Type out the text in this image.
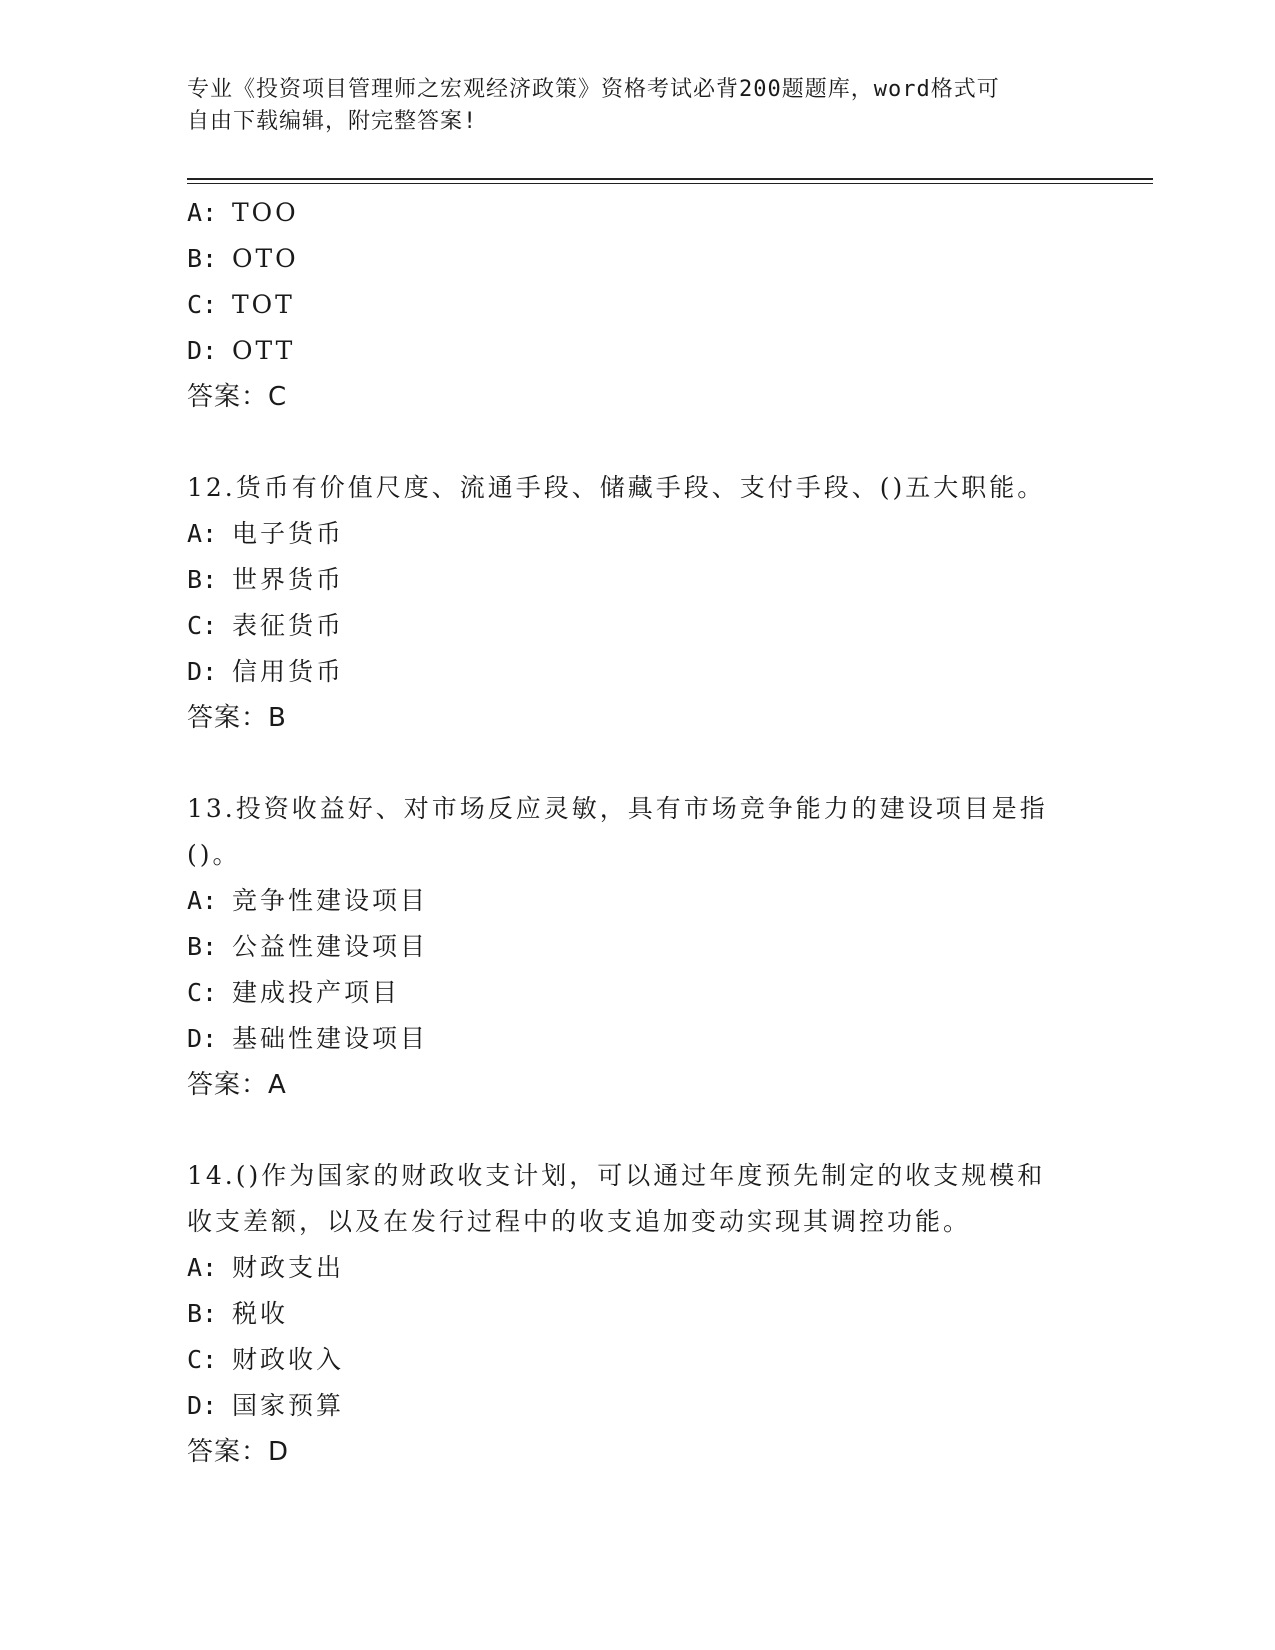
专业《投资项目管理师之宏观经济政策》资格考试必背200题题库，word格式可
自由下载编辑，附完整答案!
A: TOO
B: OTO
C: TOT
D: OTT
答案：C
12.货币有价值尺度、流通手段、储藏手段、支付手段、()五大职能。
A: 电子货币
B: 世界货币
C: 表征货币
D: 信用货币
答案：B
13.投资收益好、对市场反应灵敏，具有市场竞争能力的建设项目是指
()。
A: 竞争性建设项目
B: 公益性建设项目
C: 建成投产项目
D: 基础性建设项目
答案：A
14.()作为国家的财政收支计划，可以通过年度预先制定的收支规模和
收支差额，以及在发行过程中的收支追加变动实现其调控功能。
A: 财政支出
B: 税收
C: 财政收入
D: 国家预算
答案：D
